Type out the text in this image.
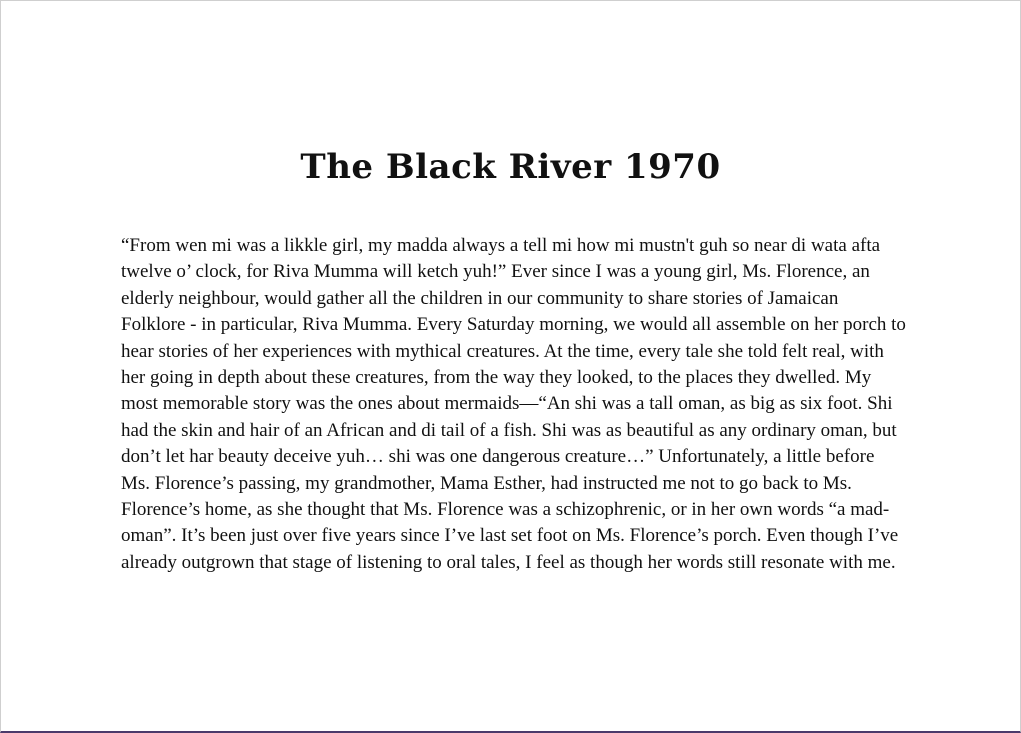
The Black River 1970

“From wen mi was a likkle girl, my madda always a tell mi how mi mustn't guh so near di wata afta twelve o’ clock, for Riva Mumma will ketch yuh!” Ever since I was a young girl, Ms. Florence, an elderly neighbour, would gather all the children in our community to share stories of Jamaican Folklore - in particular, Riva Mumma. Every Saturday morning, we would all assemble on her porch to hear stories of her experiences with mythical creatures. At the time, every tale she told felt real, with her going in depth about these creatures, from the way they looked, to the places they dwelled. My most memorable story was the ones about mermaids—“An shi was a tall oman, as big as six foot. Shi had the skin and hair of an African and di tail of a fish. Shi was as beautiful as any ordinary oman, but don’t let har beauty deceive yuh… shi was one dangerous creature…” Unfortunately, a little before Ms. Florence’s passing, my grandmother, Mama Esther, had instructed me not to go back to Ms. Florence’s home, as she thought that Ms. Florence was a schizophrenic, or in her own words “a mad-oman”. It’s been just over five years since I’ve last set foot on Ms. Florence’s porch. Even though I’ve already outgrown that stage of listening to oral tales, I feel as though her words still resonate with me.
